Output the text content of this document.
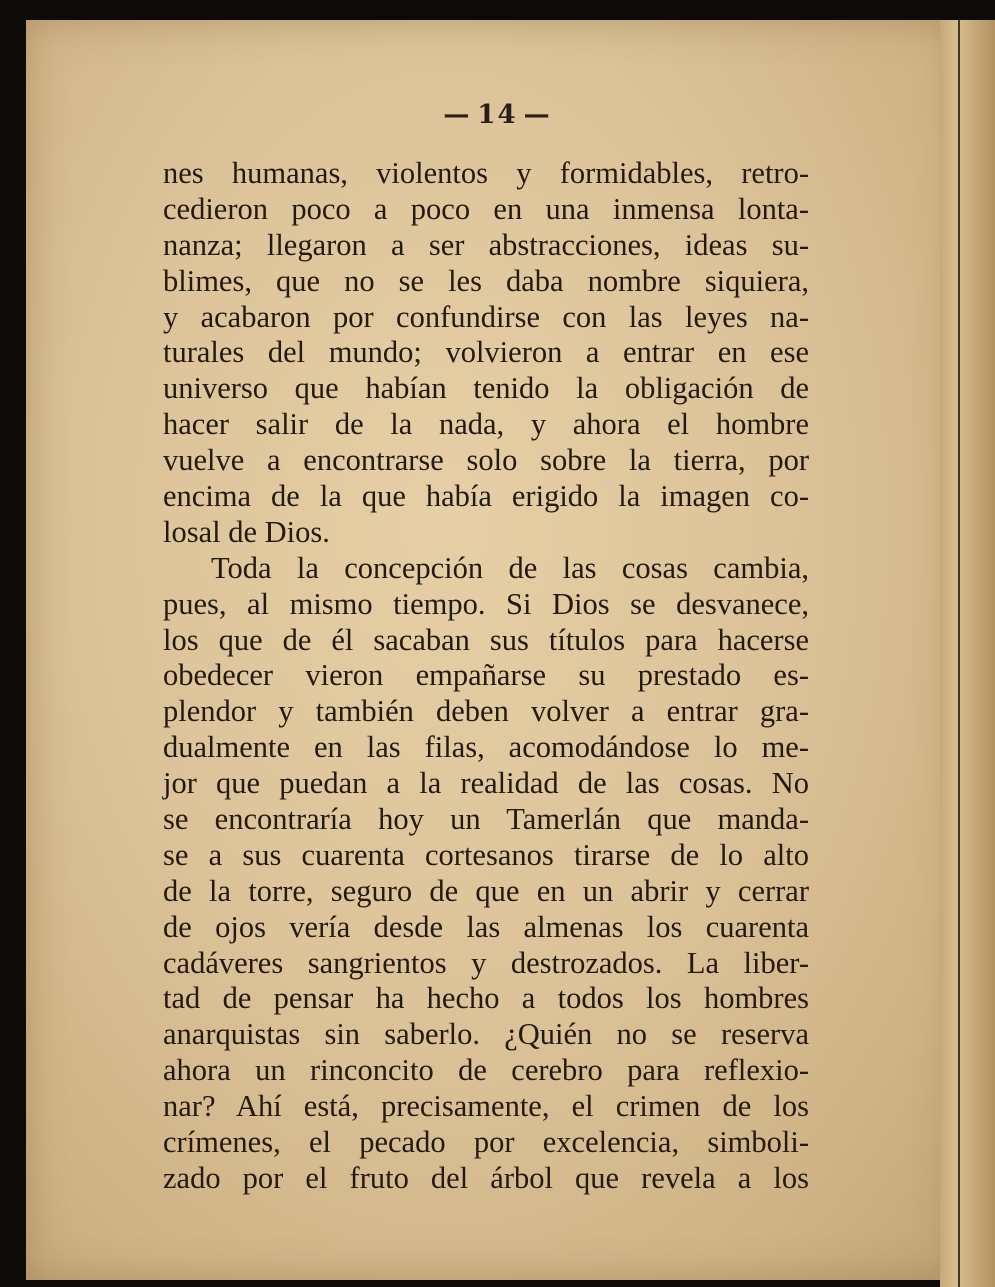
— 14 —
nes humanas, violentos y formidables, retro-
cedieron poco a poco en una inmensa lonta-
nanza; llegaron a ser abstracciones, ideas su-
blimes, que no se les daba nombre siquiera,
y acabaron por confundirse con las leyes na-
turales del mundo; volvieron a entrar en ese
universo que habían tenido la obligación de
hacer salir de la nada, y ahora el hombre
vuelve a encontrarse solo sobre la tierra, por
encima de la que había erigido la imagen co-
losal de Dios.
Toda la concepción de las cosas cambia,
pues, al mismo tiempo. Si Dios se desvanece,
los que de él sacaban sus títulos para hacerse
obedecer vieron empañarse su prestado es-
plendor y también deben volver a entrar gra-
dualmente en las filas, acomodándose lo me-
jor que puedan a la realidad de las cosas. No
se encontraría hoy un Tamerlán que manda-
se a sus cuarenta cortesanos tirarse de lo alto
de la torre, seguro de que en un abrir y cerrar
de ojos vería desde las almenas los cuarenta
cadáveres sangrientos y destrozados. La liber-
tad de pensar ha hecho a todos los hombres
anarquistas sin saberlo. ¿Quién no se reserva
ahora un rinconcito de cerebro para reflexio-
nar? Ahí está, precisamente, el crimen de los
crímenes, el pecado por excelencia, simboli-
zado por el fruto del árbol que revela a los
